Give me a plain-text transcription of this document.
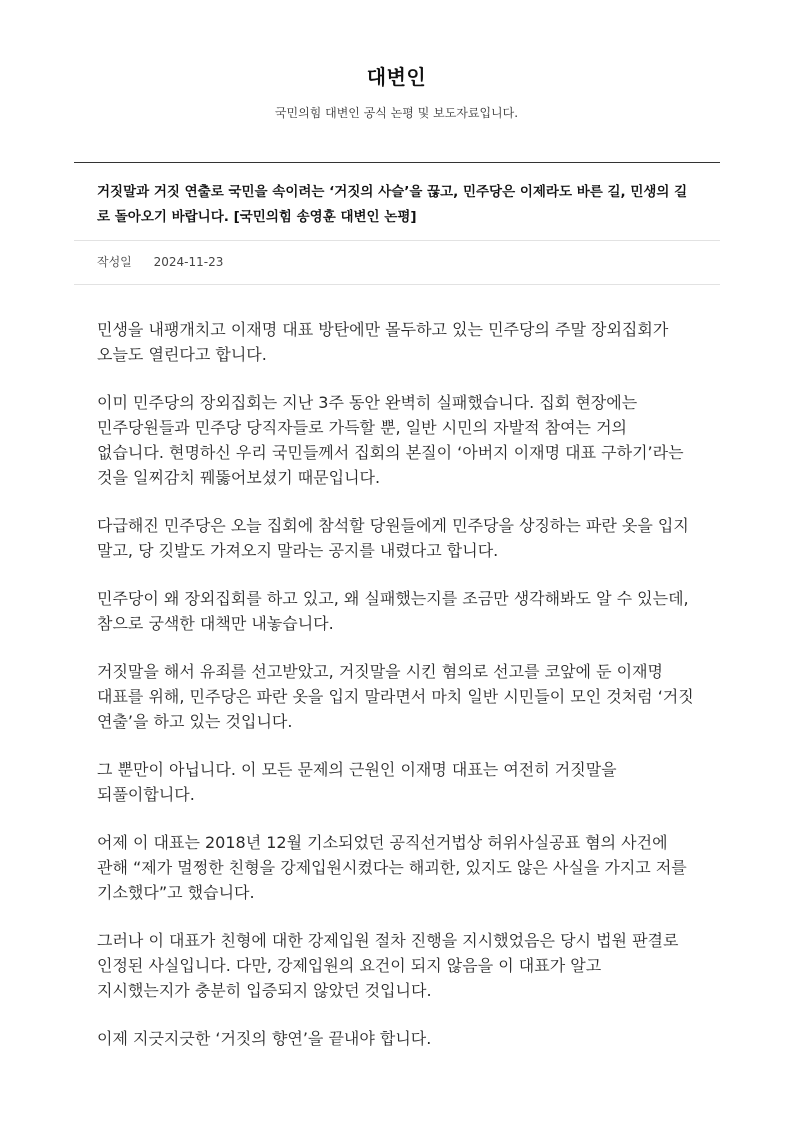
대변인
국민의힘 대변인 공식 논평 및 보도자료입니다.
거짓말과 거짓 연출로 국민을 속이려는 ‘거짓의 사슬’을 끊고, 민주당은 이제라도 바른 길, 민생의 길로 돌아오기 바랍니다. [국민의힘 송영훈 대변인 논평]
작성일 2024-11-23

민생을 내팽개치고 이재명 대표 방탄에만 몰두하고 있는 민주당의 주말 장외집회가 오늘도 열린다고 합니다.

이미 민주당의 장외집회는 지난 3주 동안 완벽히 실패했습니다. 집회 현장에는 민주당원들과 민주당 당직자들로 가득할 뿐, 일반 시민의 자발적 참여는 거의 없습니다. 현명하신 우리 국민들께서 집회의 본질이 ‘아버지 이재명 대표 구하기’라는 것을 일찌감치 꿰뚫어보셨기 때문입니다.

다급해진 민주당은 오늘 집회에 참석할 당원들에게 민주당을 상징하는 파란 옷을 입지 말고, 당 깃발도 가져오지 말라는 공지를 내렸다고 합니다.

민주당이 왜 장외집회를 하고 있고, 왜 실패했는지를 조금만 생각해봐도 알 수 있는데, 참으로 궁색한 대책만 내놓습니다.

거짓말을 해서 유죄를 선고받았고, 거짓말을 시킨 혐의로 선고를 코앞에 둔 이재명 대표를 위해, 민주당은 파란 옷을 입지 말라면서 마치 일반 시민들이 모인 것처럼 ‘거짓 연출’을 하고 있는 것입니다.

그 뿐만이 아닙니다. 이 모든 문제의 근원인 이재명 대표는 여전히 거짓말을 되풀이합니다.

어제 이 대표는 2018년 12월 기소되었던 공직선거법상 허위사실공표 혐의 사건에 관해 “제가 멀쩡한 친형을 강제입원시켰다는 해괴한, 있지도 않은 사실을 가지고 저를 기소했다”고 했습니다.

그러나 이 대표가 친형에 대한 강제입원 절차 진행을 지시했었음은 당시 법원 판결로 인정된 사실입니다. 다만, 강제입원의 요건이 되지 않음을 이 대표가 알고 지시했는지가 충분히 입증되지 않았던 것입니다.

이제 지긋지긋한 ‘거짓의 향연’을 끝내야 합니다.
